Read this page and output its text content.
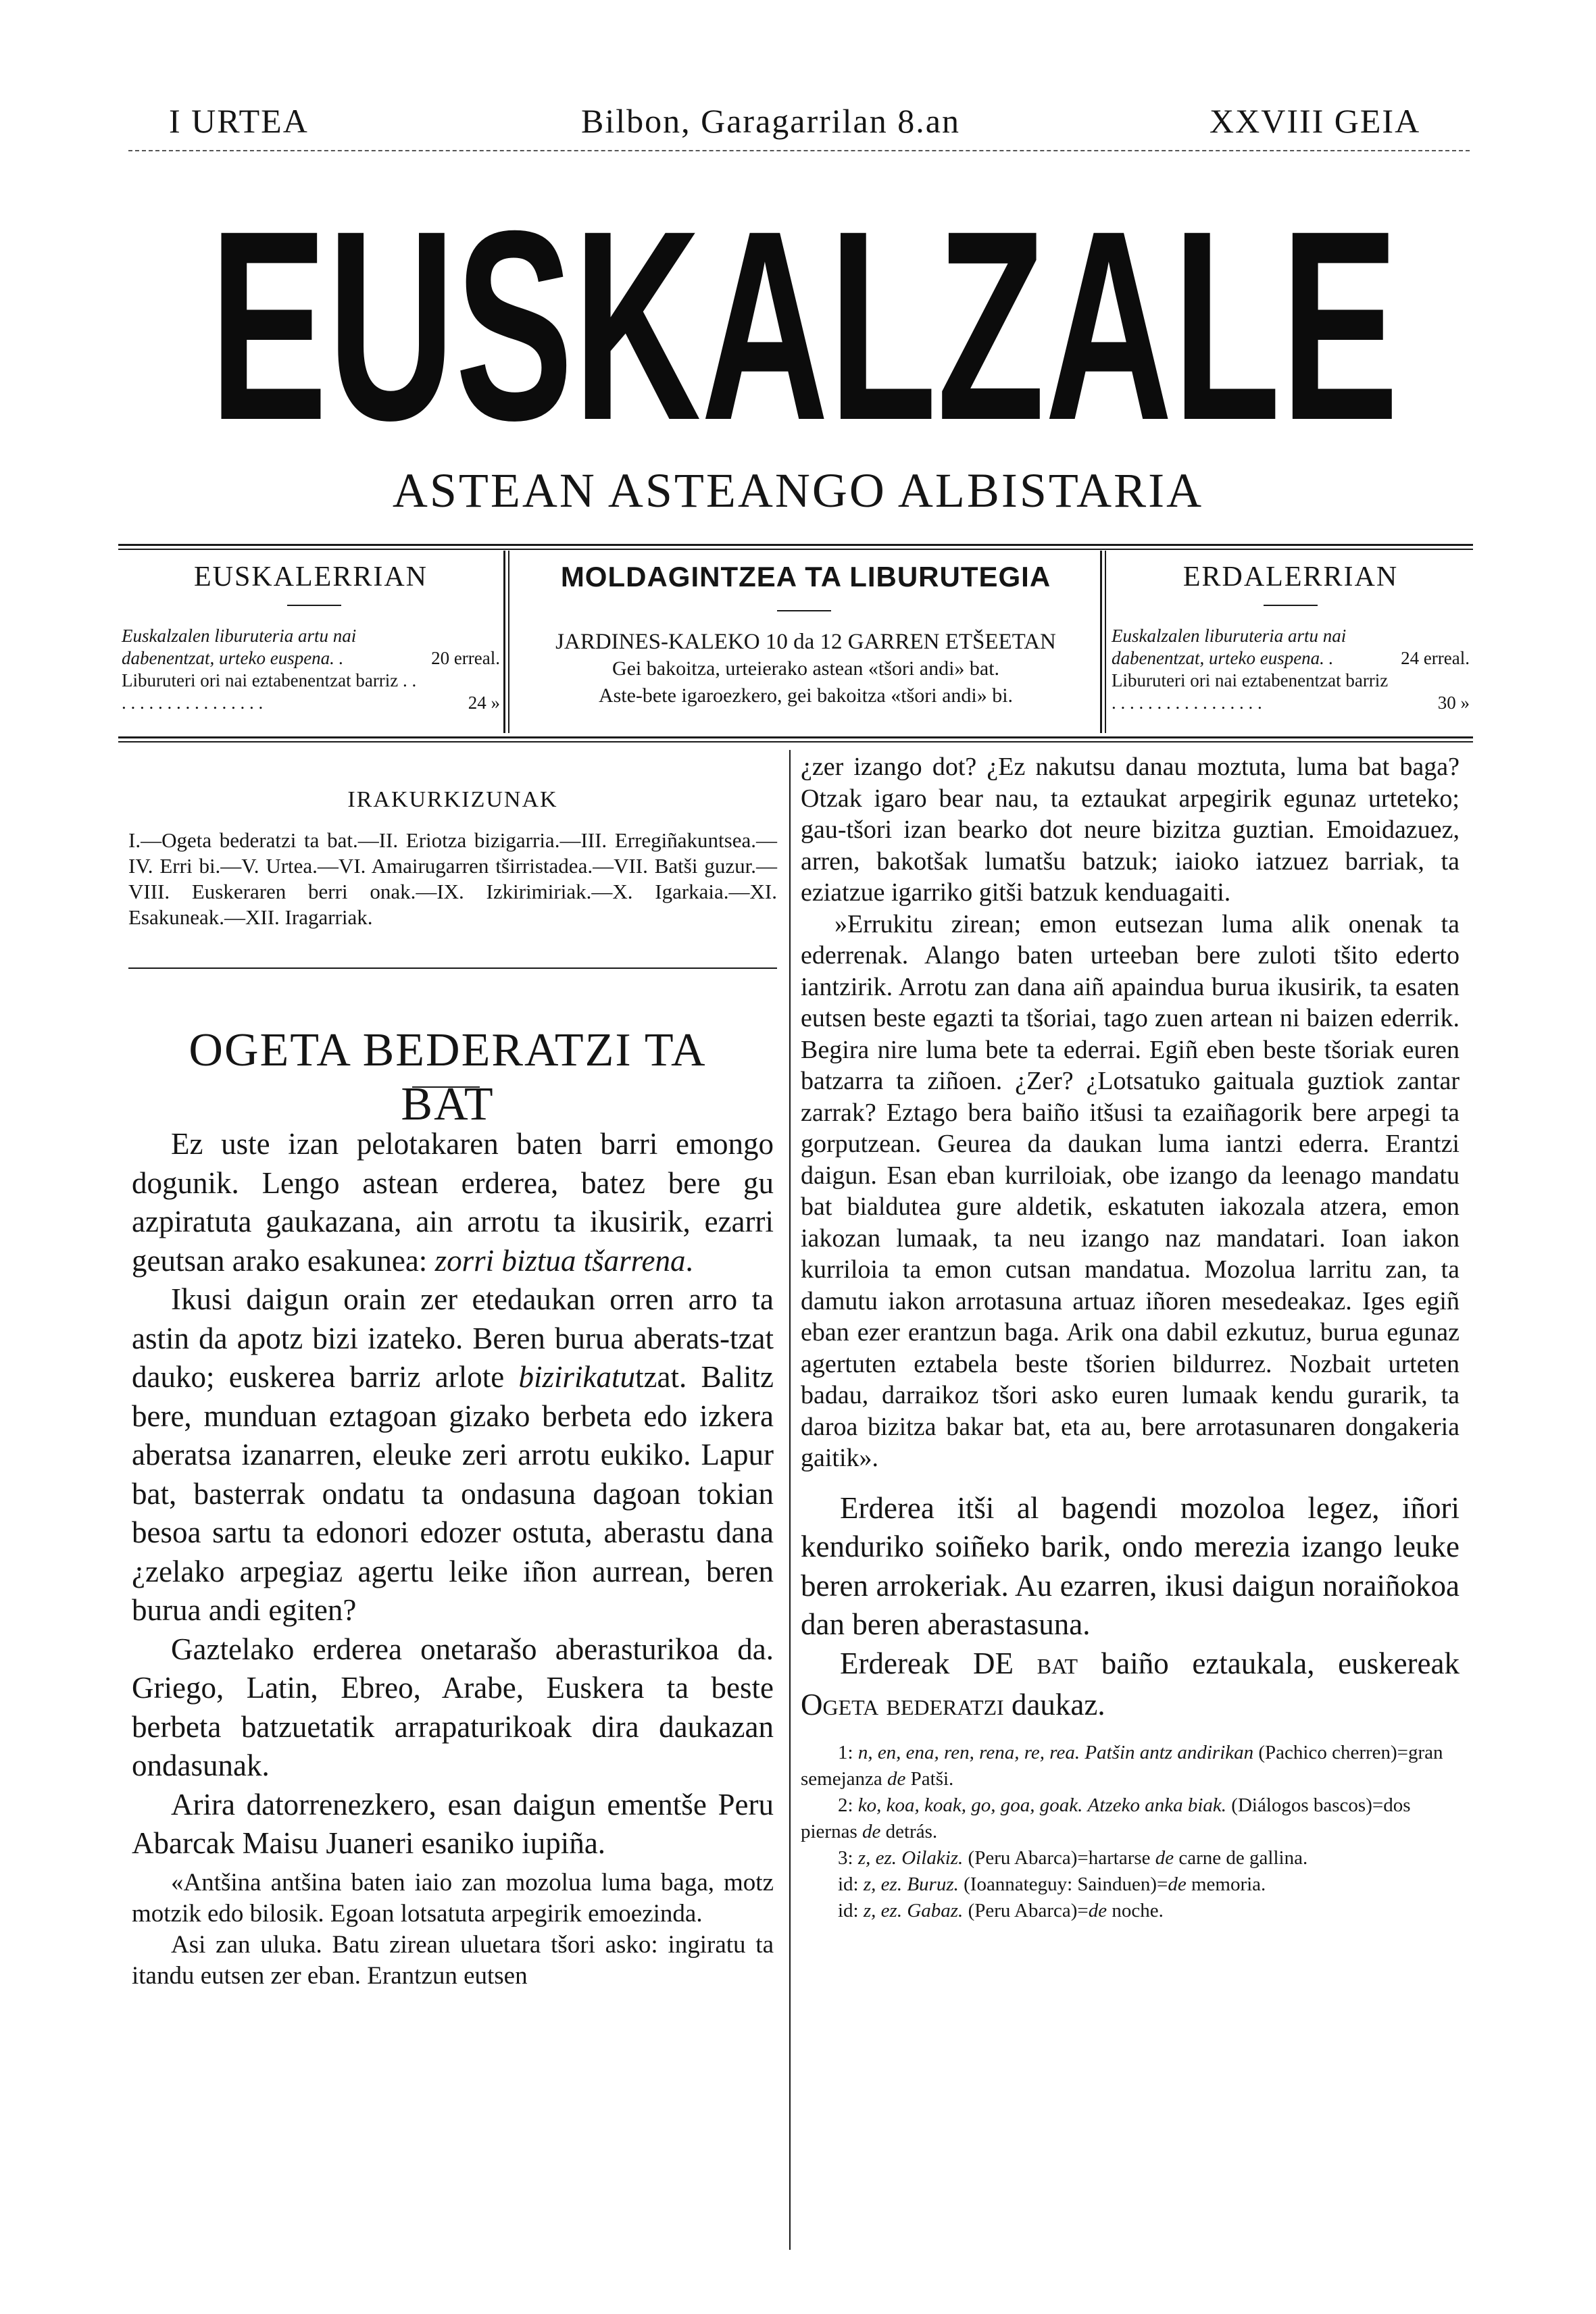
I URTEA	Bilbon, Garagarrilan 8.an	XXVIII GEIA
EUSKALZALE
ASTEAN ASTEANGO ALBISTARIA
EUSKALERRIAN
Euskalzalen liburuteria artu nai dabenentzat, urteko euspena. .	20 erreal.
Liburuteri ori nai eztabenentzat barriz . . . . . . . . . . . . . . . . . .	24 »
MOLDAGINTZEA TA LIBURUTEGIA
JARDINES-KALEKO 10 da 12 GARREN ETŠEETAN
Gei bakoitza, urteierako astean «tšori andi» bat.
Aste-bete igaroezkero, gei bakoitza «tšori andi» bi.
ERDALERRIAN
Euskalzalen liburuteria artu nai dabenentzat, urteko euspena. .	24 erreal.
Liburuteri ori nai eztabenentzat barriz . . . . . . . . . . . . . . . . .	30 »
IRAKURKIZUNAK
I.—Ogeta bederatzi ta bat.—II. Eriotza bizigarria.—III. Erregiñakuntsea.—IV. Erri bi.—V. Urtea.—VI. Amairugarren tširristadea.—VII. Batši guzur.—VIII. Euskeraren berri onak.—IX. Izkirimiriak.—X. Igarkaia.—XI. Esakuneak.—XII. Iragarriak.
OGETA BEDERATZI TA BAT

Ez uste izan pelotakaren baten barri emongo dogunik. Lengo astean erderea, batez bere gu azpiratuta gaukazana, ain arrotu ta ikusirik, ezarri geutsan arako esakunea: zorri biztua tšarrena.

Ikusi daigun orain zer etedaukan orren arro ta astin da apotz bizi izateko. Beren burua aberats-tzat dauko; euskerea barriz arlote bizirikatutzat. Balitz bere, munduan eztagoan gizako berbeta edo izkera aberatsa izanarren, eleuke zeri arrotu eukiko. Lapur bat, basterrak ondatu ta ondasuna dagoan tokian besoa sartu ta edonori edozer ostuta, aberastu dana ¿zelako arpegiaz agertu leike iñon aurrean, beren burua andi egiten?

Gaztelako erderea onetarašo aberasturikoa da. Griego, Latin, Ebreo, Arabe, Euskera ta beste berbeta batzuetatik arrapaturikoak dira daukazan ondasunak.

Arira datorrenezkero, esan daigun ementše Peru Abarcak Maisu Juaneri esaniko iupiña.

«Antšina antšina baten iaio zan mozolua luma baga, motz motzik edo bilosik. Egoan lotsatuta arpegirik emoezinda.

Asi zan uluka. Batu zirean uluetara tšori asko: ingiratu ta itandu eutsen zer eban. Erantzun eutsen

¿zer izango dot? ¿Ez nakutsu danau moztuta, luma bat baga? Otzak igaro bear nau, ta eztaukat arpegirik egunaz urteteko; gau-tšori izan bearko dot neure bizitza guztian. Emoidazuez, arren, bakotšak lumatšu batzuk; iaioko iatzuez barriak, ta eziatzue igarriko gitši batzuk kenduagaiti.

»Errukitu zirean; emon eutsezan luma alik onenak ta ederrenak. Alango baten urteeban bere zuloti tšito ederto iantzirik. Arrotu zan dana aiñ apaindua burua ikusirik, ta esaten eutsen beste egazti ta tšoriai, tago zuen artean ni baizen ederrik. Begira nire luma bete ta ederrai. Egiñ eben beste tšoriak euren batzarra ta ziñoen. ¿Zer? ¿Lotsatuko gaituala guztiok zantar zarrak? Eztago bera baiño itšusi ta ezaiñagorik bere arpegi ta gorputzean. Geurea da daukan luma iantzi ederra. Erantzi daigun. Esan eban kurriloiak, obe izango da leenago mandatu bat bialdutea gure aldetik, eskatuten iakozala atzera, emon iakozan lumaak, ta neu izango naz mandatari. Ioan iakon kurriloia ta emon cutsan mandatua. Mozolua larritu zan, ta damutu iakon arrotasuna artuaz iñoren mesedeakaz. Iges egiñ eban ezer erantzun baga. Arik ona dabil ezkutuz, burua egunaz agertuten eztabela beste tšorien bildurrez. Nozbait urteten badau, darraikoz tšori asko euren lumaak kendu gurarik, ta daroa bizitza bakar bat, eta au, bere arrotasunaren dongakeria gaitik».

Erderea itši al bagendi mozoloa legez, iñori kenduriko soiñeko barik, ondo merezia izango leuke beren arrokeriak. Au ezarren, ikusi daigun noraiñokoa dan beren aberastasuna.

Erdereak DE BAT baiño eztaukala, euskereak Ogeta bederatzi daukaz.

1: n, en, ena, ren, rena, re, rea. Patšin antz andirikan (Pachico cherren)=gran semejanza de Patši.

2: ko, koa, koak, go, goa, goak. Atzeko anka biak. (Diálogos bascos)=dos piernas de detrás.

3: z, ez. Oilakiz. (Peru Abarca)=hartarse de carne de gallina.

id: z, ez. Buruz. (Ioannateguy: Sainduen)=de memoria.

id: z, ez. Gabaz. (Peru Abarca)=de noche.
